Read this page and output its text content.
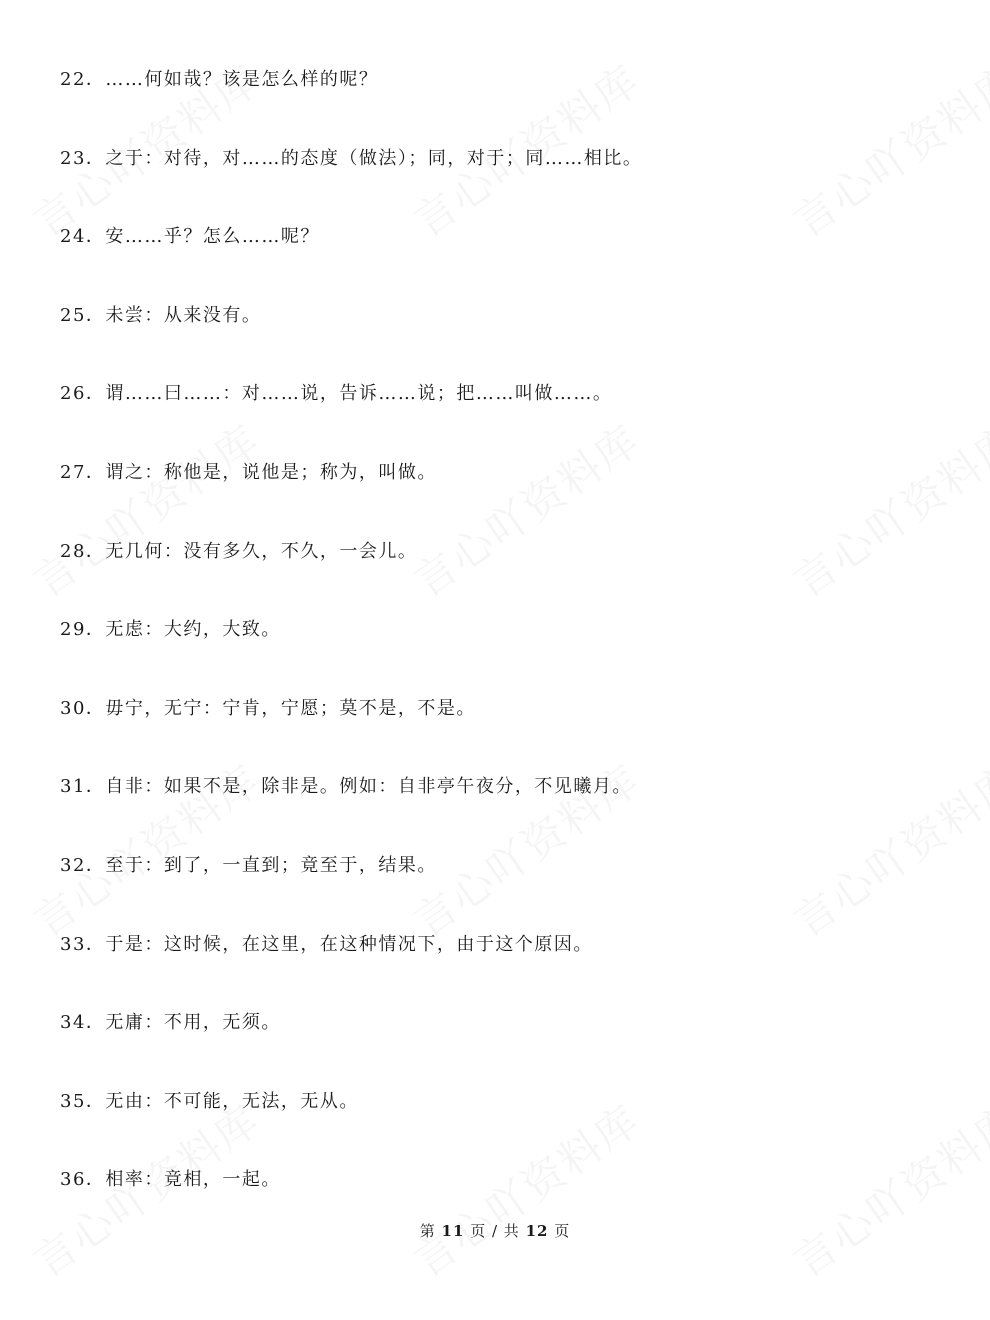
22．……何如哉？该是怎么样的呢？
23．之于：对待，对……的态度（做法）；同，对于；同……相比。
24．安……乎？怎么……呢？
25．未尝：从来没有。
26．谓……曰……：对……说，告诉……说；把……叫做……。
27．谓之：称他是，说他是；称为，叫做。
28．无几何：没有多久，不久，一会儿。
29．无虑：大约，大致。
30．毋宁，无宁：宁肯，宁愿；莫不是，不是。
31．自非：如果不是，除非是。例如：自非亭午夜分，不见曦月。
32．至于：到了，一直到；竟至于，结果。
33．于是：这时候，在这里，在这种情况下，由于这个原因。
34．无庸：不用，无须。
35．无由：不可能，无法，无从。
36．相率：竟相，一起。
第 11 页 / 共 12 页
